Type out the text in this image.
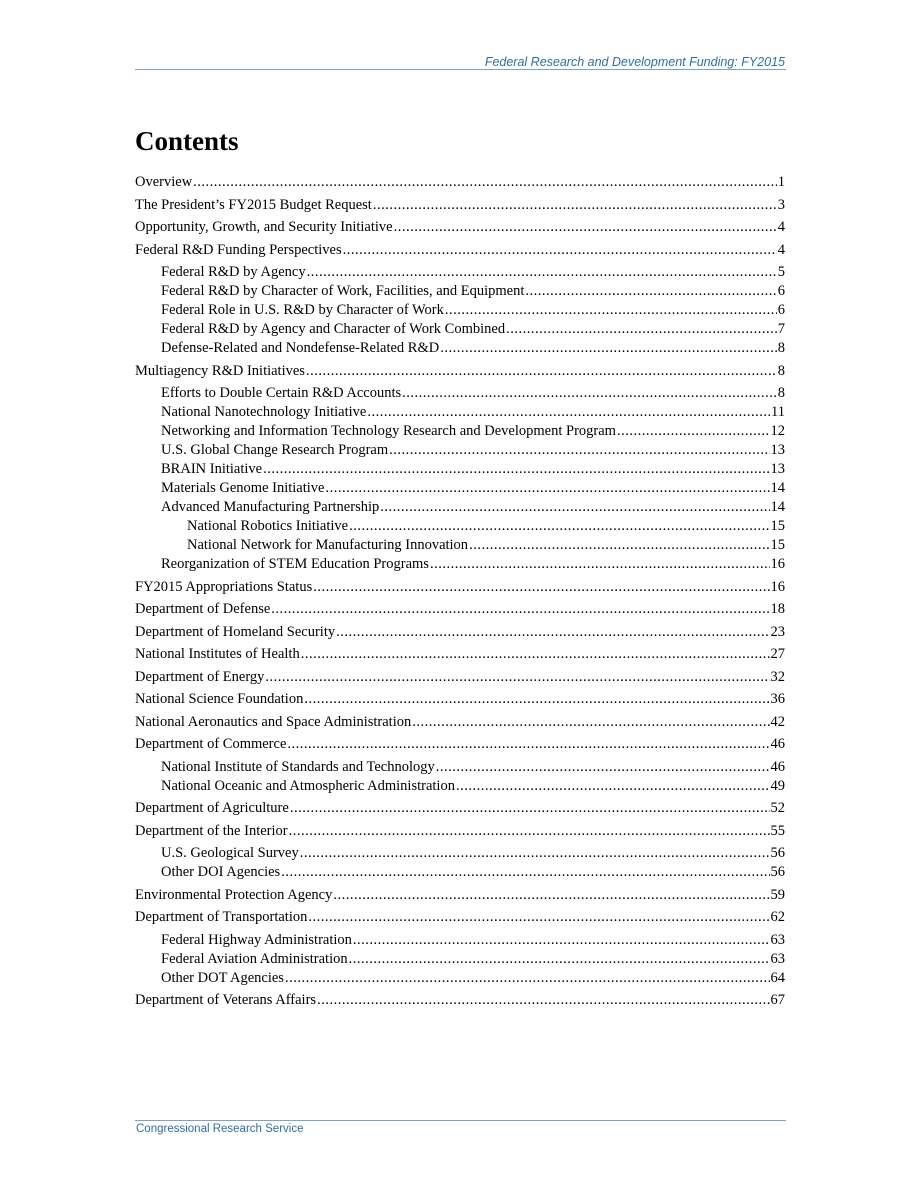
Federal Research and Development Funding: FY2015
Contents
Overview .....	1
The President’s FY2015 Budget Request .....	3
Opportunity, Growth, and Security Initiative .....	4
Federal R&D Funding Perspectives .....	4
Federal R&D by Agency .....	5
Federal R&D by Character of Work, Facilities, and Equipment .....	6
Federal Role in U.S. R&D by Character of Work .....	6
Federal R&D by Agency and Character of Work Combined .....	7
Defense-Related and Nondefense-Related R&D .....	8
Multiagency R&D Initiatives .....	8
Efforts to Double Certain R&D Accounts .....	8
National Nanotechnology Initiative .....	11
Networking and Information Technology Research and Development Program .....	12
U.S. Global Change Research Program .....	13
BRAIN Initiative .....	13
Materials Genome Initiative .....	14
Advanced Manufacturing Partnership .....	14
National Robotics Initiative .....	15
National Network for Manufacturing Innovation .....	15
Reorganization of STEM Education Programs .....	16
FY2015 Appropriations Status .....	16
Department of Defense .....	18
Department of Homeland Security .....	23
National Institutes of Health .....	27
Department of Energy .....	32
National Science Foundation .....	36
National Aeronautics and Space Administration .....	42
Department of Commerce .....	46
National Institute of Standards and Technology .....	46
National Oceanic and Atmospheric Administration .....	49
Department of Agriculture .....	52
Department of the Interior .....	55
U.S. Geological Survey .....	56
Other DOI Agencies .....	56
Environmental Protection Agency .....	59
Department of Transportation .....	62
Federal Highway Administration .....	63
Federal Aviation Administration .....	63
Other DOT Agencies .....	64
Department of Veterans Affairs .....	67
Congressional Research Service
